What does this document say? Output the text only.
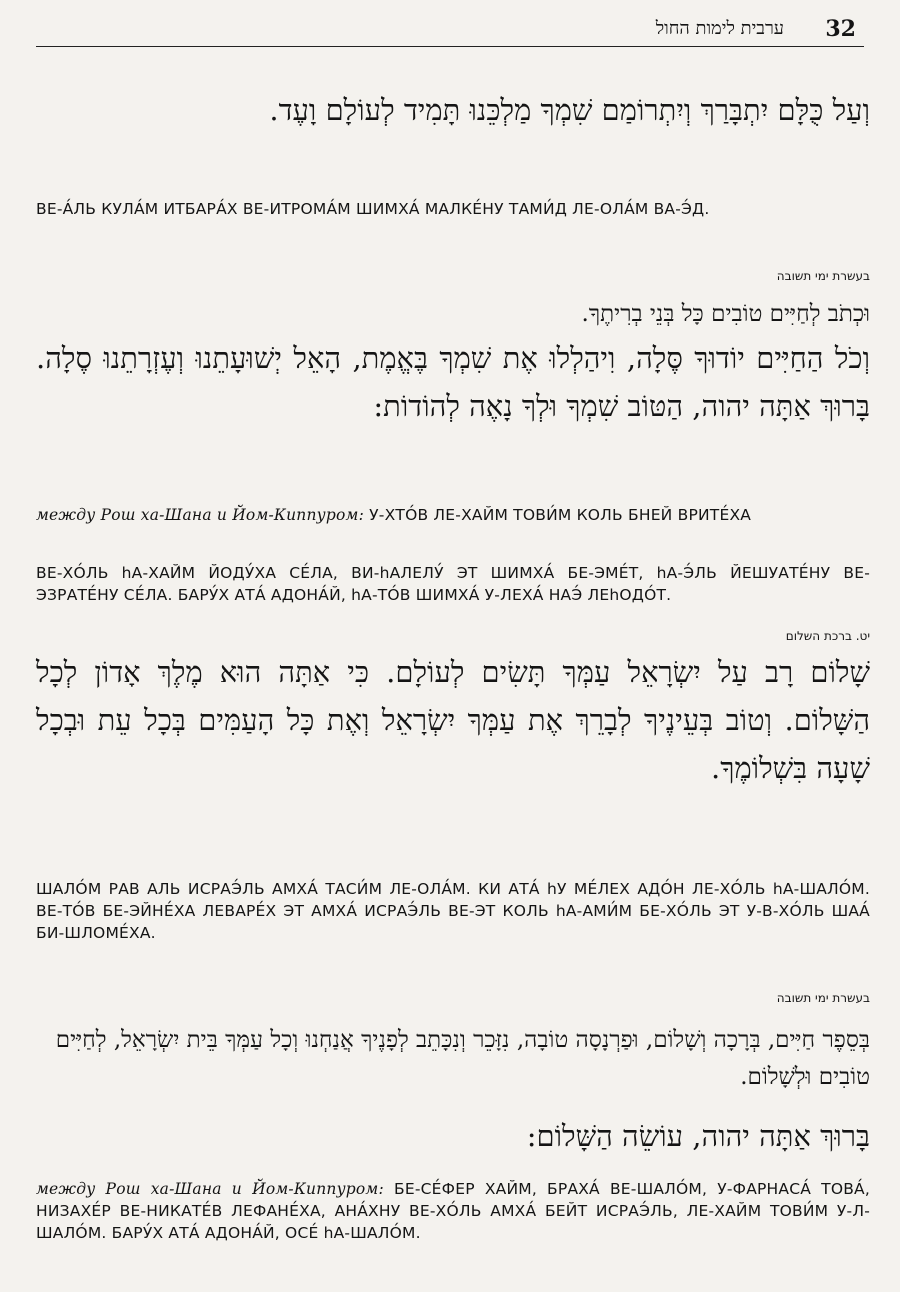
ערבית לימות החול 32
וְעַל כֻּלָּם יִתְבָּרַךְ וְיִתְרוֹמַם שִׁמְךָ מַלְכֵּנוּ תָּמִיד לְעוֹלָם וָעֶד.
ВЕ-А́ЛЬ КУЛА́М ИТБАРА́Х ВЕ-ИТРОМА́М ШИМХА́ МАЛКЕ́НУ ТАМИ́Д ЛЕ-ОЛА́М ВА-Э́Д.
בעשרת ימי תשובה
וּכְתֹב לְחַיִּים טוֹבִים כָּל בְּנֵי בְרִיתֶךָ.
וְכֹל הַחַיִּים יוֹדוּךָ סֶּלָה, וִיהַלְלוּ אֶת שִׁמְךָ בֶּאֱמֶת, הָאֵל יְשׁוּעָתֵנוּ וְעֶזְרָתֵנוּ סֶלָה. בָּרוּךְ אַתָּה יהוה, הַטּוֹב שִׁמְךָ וּלְךָ נָאֶה לְהוֹדוֹת:
между Рош ха-Шана и Йом-Киппуром: У-ХТО́В ЛЕ-ХАЙМ ТОВИ́М КОЛЬ БНЕЙ ВРИТЕ́ХА
ВЕ-ХО́ЛЬ hА-ХАЙ́М ЙОДУ́ХА СЕ́ЛА, ВИ-hАЛЕЛУ́ ЭТ ШИМХА́ БЕ-ЭМЕ́Т, hА-Э́ЛЬ ЙЕШУАТЕ́НУ ВЕ-ЭЗРАТЕ́НУ СЕ́ЛА. БАРУ́Х АТА́ АДОНА́Й, hА-ТО́В ШИМХА́ У-ЛЕХА́ НАЭ́ ЛЕhОДО́Т.
יט. ברכת השלום
שָׁלוֹם רָב עַל יִשְׂרָאֵל עַמְּךָ תָּשִׂים לְעוֹלָם. כִּי אַתָּה הוּא מֶלֶךְ אָדוֹן לְכָל הַשָּׁלוֹם. וְטוֹב בְּעֵינֶיךָ לְבָרֵךְ אֶת עַמְּךָ יִשְׂרָאֵל וְאֶת כָּל הָעַמִּים בְּכָל עֵת וּבְכָל שָׁעָה בִּשְׁלוֹמֶךָ.
ШАЛО́М РАВ АЛЬ ИСРАЭ́ЛЬ АМХА́ ТАСИ́М ЛЕ-ОЛА́М. КИ АТА́ hУ МЕ́ЛЕХ АДО́Н ЛЕ-ХО́ЛЬ hА-ШАЛО́М. ВЕ-ТО́В БЕ-ЭЙНЕ́ХА ЛЕВАРЕ́Х ЭТ АМХА́ ИСРАЭ́ЛЬ ВЕ-ЭТ КОЛЬ hА-АМИ́М БЕ-ХО́ЛЬ ЭТ У-В-ХО́ЛЬ ШАА́ БИ-ШЛОМЕ́ХА.
בעשרת ימי תשובה
בְּסֵפֶר חַיִּים, בְּרָכָה וְשָׁלוֹם, וּפַרְנָסָה טוֹבָה, נִזָּכֵר וְנִכָּתֵב לְפָנֶיךָ אֲנַחְנוּ וְכָל עַמְּךָ בֵּית יִשְׂרָאֵל, לְחַיִּים טוֹבִים וּלְשָׁלוֹם.
בָּרוּךְ אַתָּה יהוה, עוֹשֵׂה הַשָּׁלוֹם:
между Рош ха-Шана и Йом-Киппуром: БЕ-СЕ́ФЕР ХАЙМ, БРАХА́ ВЕ-ШАЛО́М, У-ФАРНАСА́ ТОВА́, НИЗАХЕ́Р ВЕ-НИКАТЕ́В ЛЕФАНЕ́ХА, АНА́ХНУ ВЕ-ХО́ЛЬ АМХА́ БЕЙТ ИСРАЭ́ЛЬ, ЛЕ-ХАЙМ ТОВИ́М У-Л-ШАЛО́М. БАРУ́Х АТА́ АДОНА́Й, ОСЕ́ hА-ШАЛО́М.
